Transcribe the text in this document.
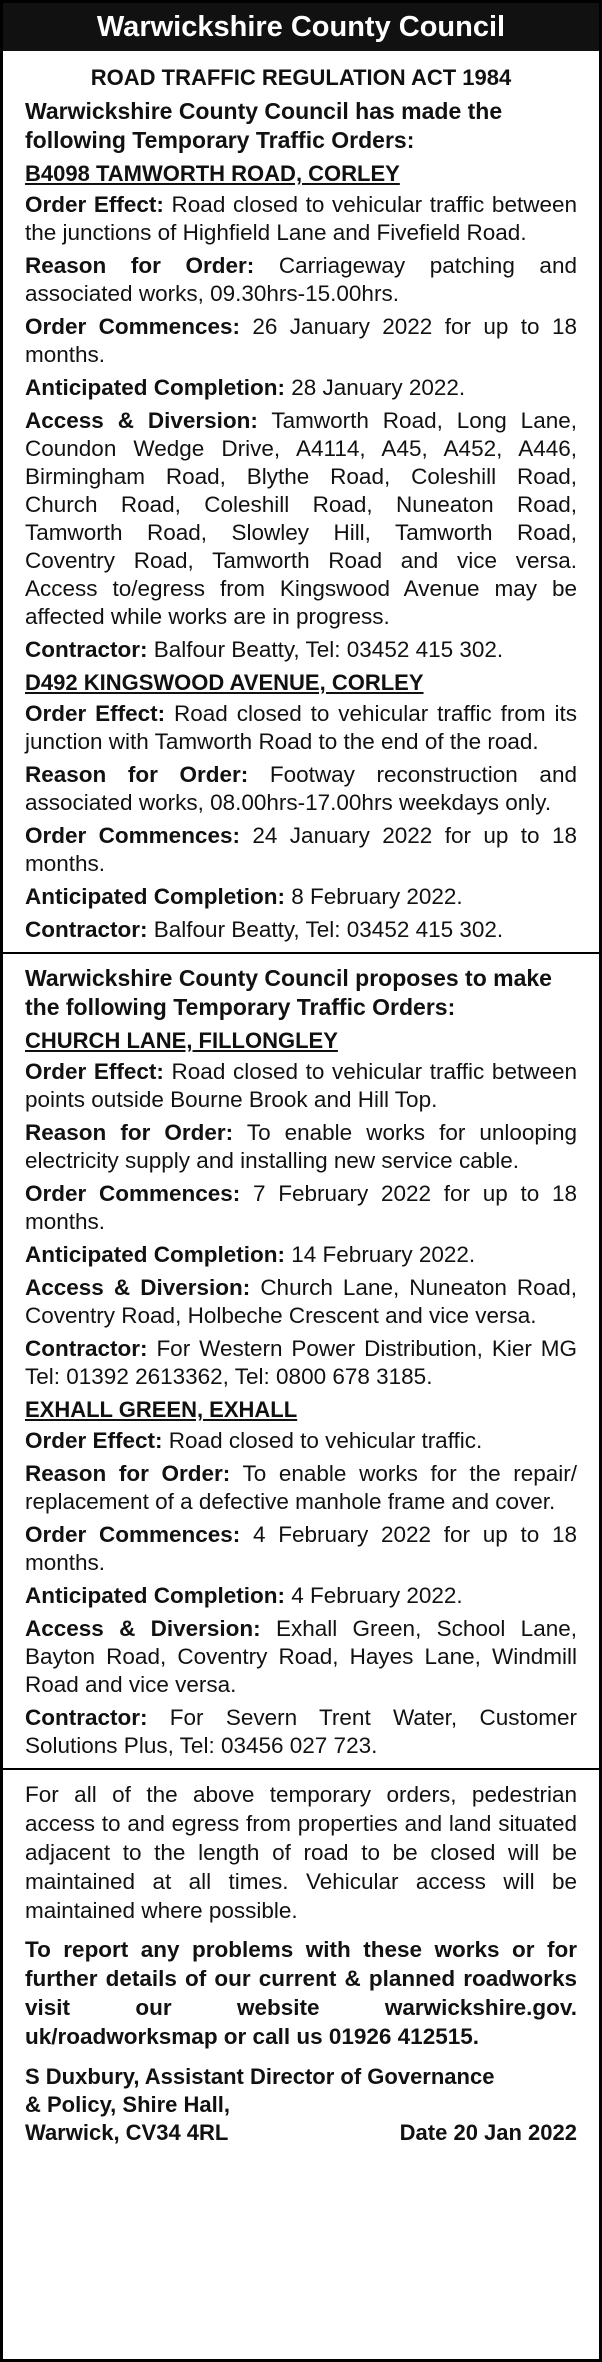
Warwickshire County Council
ROAD TRAFFIC REGULATION ACT 1984
Warwickshire County Council has made the following Temporary Traffic Orders:
B4098 TAMWORTH ROAD, CORLEY
Order Effect: Road closed to vehicular traffic between the junctions of Highfield Lane and Fivefield Road.
Reason for Order: Carriageway patching and associated works, 09.30hrs-15.00hrs.
Order Commences: 26 January 2022 for up to 18 months.
Anticipated Completion: 28 January 2022.
Access & Diversion: Tamworth Road, Long Lane, Coundon Wedge Drive, A4114, A45, A452, A446, Birmingham Road, Blythe Road, Coleshill Road, Church Road, Coleshill Road, Nuneaton Road, Tamworth Road, Slowley Hill, Tamworth Road, Coventry Road, Tamworth Road and vice versa. Access to/egress from Kingswood Avenue may be affected while works are in progress.
Contractor: Balfour Beatty, Tel: 03452 415 302.
D492 KINGSWOOD AVENUE, CORLEY
Order Effect: Road closed to vehicular traffic from its junction with Tamworth Road to the end of the road.
Reason for Order: Footway reconstruction and associated works, 08.00hrs-17.00hrs weekdays only.
Order Commences: 24 January 2022 for up to 18 months.
Anticipated Completion: 8 February 2022.
Contractor: Balfour Beatty, Tel: 03452 415 302.
Warwickshire County Council proposes to make the following Temporary Traffic Orders:
CHURCH LANE, FILLONGLEY
Order Effect: Road closed to vehicular traffic between points outside Bourne Brook and Hill Top.
Reason for Order: To enable works for unlooping electricity supply and installing new service cable.
Order Commences: 7 February 2022 for up to 18 months.
Anticipated Completion: 14 February 2022.
Access & Diversion: Church Lane, Nuneaton Road, Coventry Road, Holbeche Crescent and vice versa.
Contractor: For Western Power Distribution, Kier MG Tel: 01392 2613362, Tel: 0800 678 3185.
EXHALL GREEN, EXHALL
Order Effect: Road closed to vehicular traffic.
Reason for Order: To enable works for the repair/ replacement of a defective manhole frame and cover.
Order Commences: 4 February 2022 for up to 18 months.
Anticipated Completion: 4 February 2022.
Access & Diversion: Exhall Green, School Lane, Bayton Road, Coventry Road, Hayes Lane, Windmill Road and vice versa.
Contractor: For Severn Trent Water, Customer Solutions Plus, Tel: 03456 027 723.
For all of the above temporary orders, pedestrian access to and egress from properties and land situated adjacent to the length of road to be closed will be maintained at all times. Vehicular access will be maintained where possible.
To report any problems with these works or for further details of our current & planned roadworks visit our website warwickshire.gov. uk/roadworksmap or call us 01926 412515.
S Duxbury, Assistant Director of Governance
& Policy, Shire Hall,
Warwick, CV34 4RL	Date 20 Jan 2022
